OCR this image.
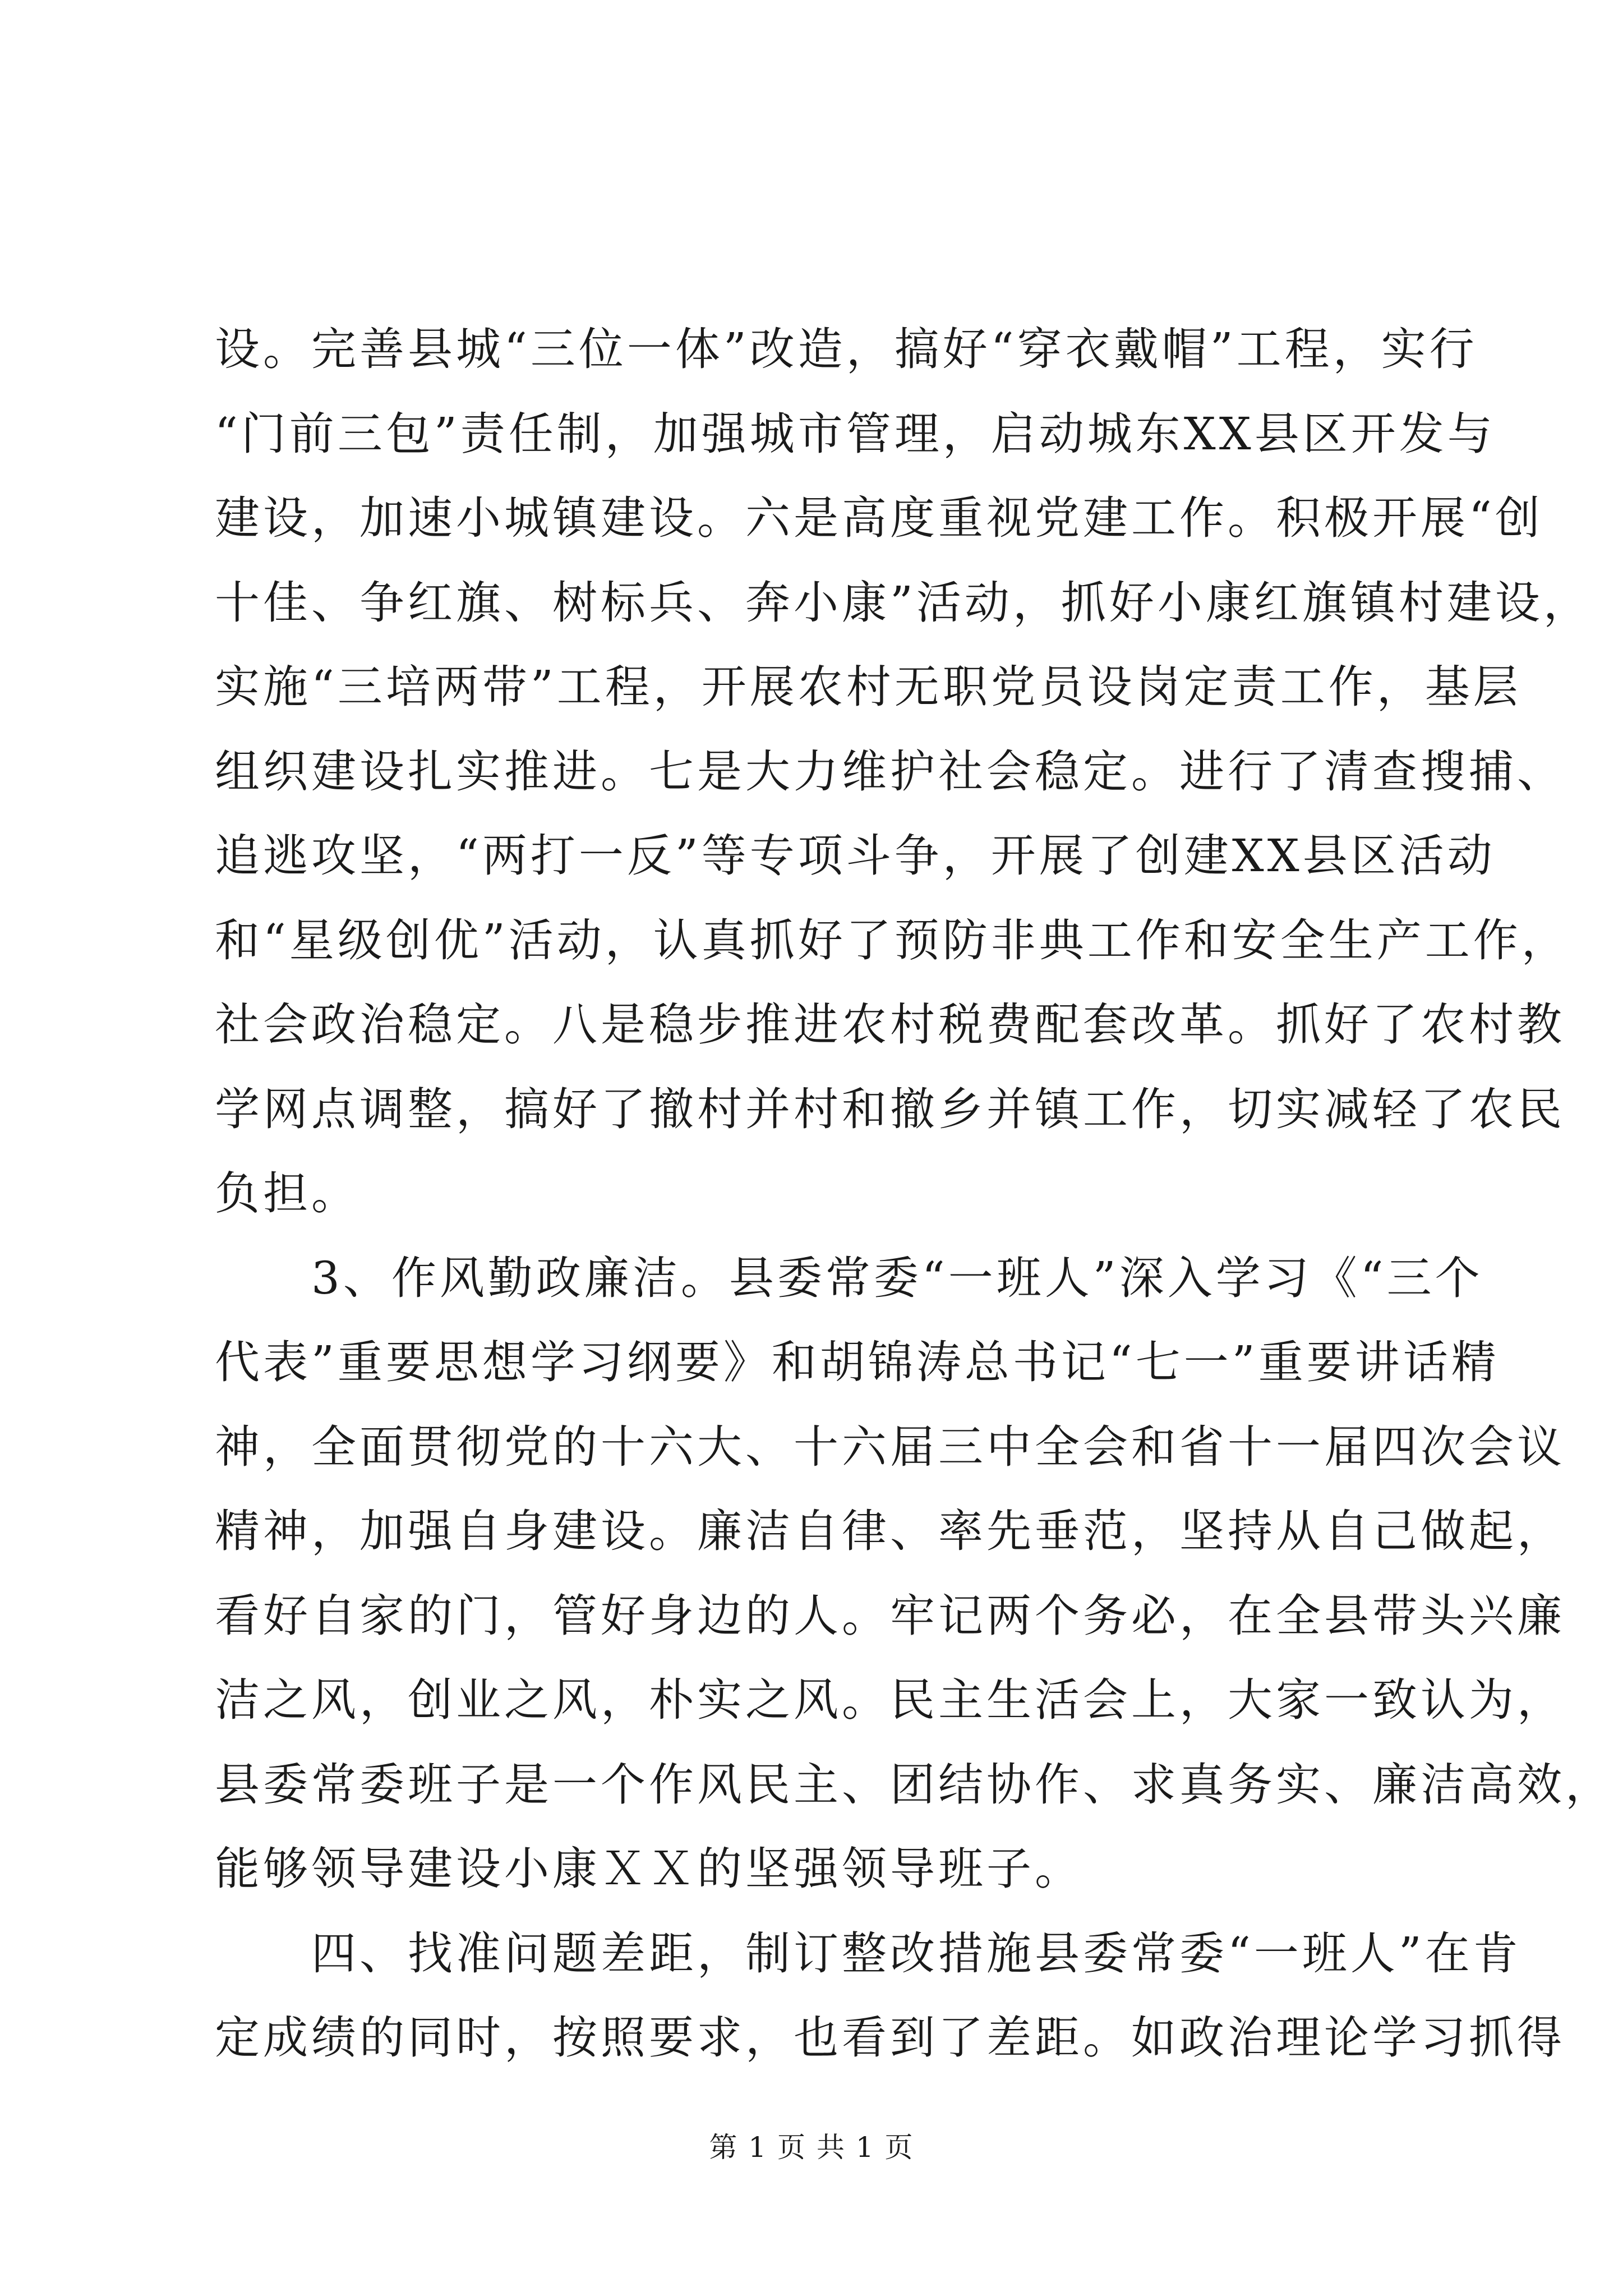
设。完善县城“三位一体”改造，搞好“穿衣戴帽”工程，实行
“门前三包”责任制，加强城市管理，启动城东XX县区开发与
建设，加速小城镇建设。六是高度重视党建工作。积极开展“创
十佳、争红旗、树标兵、奔小康”活动，抓好小康红旗镇村建设，
实施“三培两带”工程，开展农村无职党员设岗定责工作，基层
组织建设扎实推进。七是大力维护社会稳定。进行了清查搜捕、
追逃攻坚，“两打一反”等专项斗争，开展了创建XX县区活动
和“星级创优”活动，认真抓好了预防非典工作和安全生产工作，
社会政治稳定。八是稳步推进农村税费配套改革。抓好了农村教
学网点调整，搞好了撤村并村和撤乡并镇工作，切实减轻了农民
负担。
　　3、作风勤政廉洁。县委常委“一班人”深入学习《“三个
代表”重要思想学习纲要》和胡锦涛总书记“七一”重要讲话精
神，全面贯彻党的十六大、十六届三中全会和省十一届四次会议
精神，加强自身建设。廉洁自律、率先垂范，坚持从自己做起，
看好自家的门，管好身边的人。牢记两个务必，在全县带头兴廉
洁之风，创业之风，朴实之风。民主生活会上，大家一致认为，
县委常委班子是一个作风民主、团结协作、求真务实、廉洁高效，
能够领导建设小康ＸＸ的坚强领导班子。
　　四、找准问题差距，制订整改措施县委常委“一班人”在肯
定成绩的同时，按照要求，也看到了差距。如政治理论学习抓得
第 1 页 共 1 页
